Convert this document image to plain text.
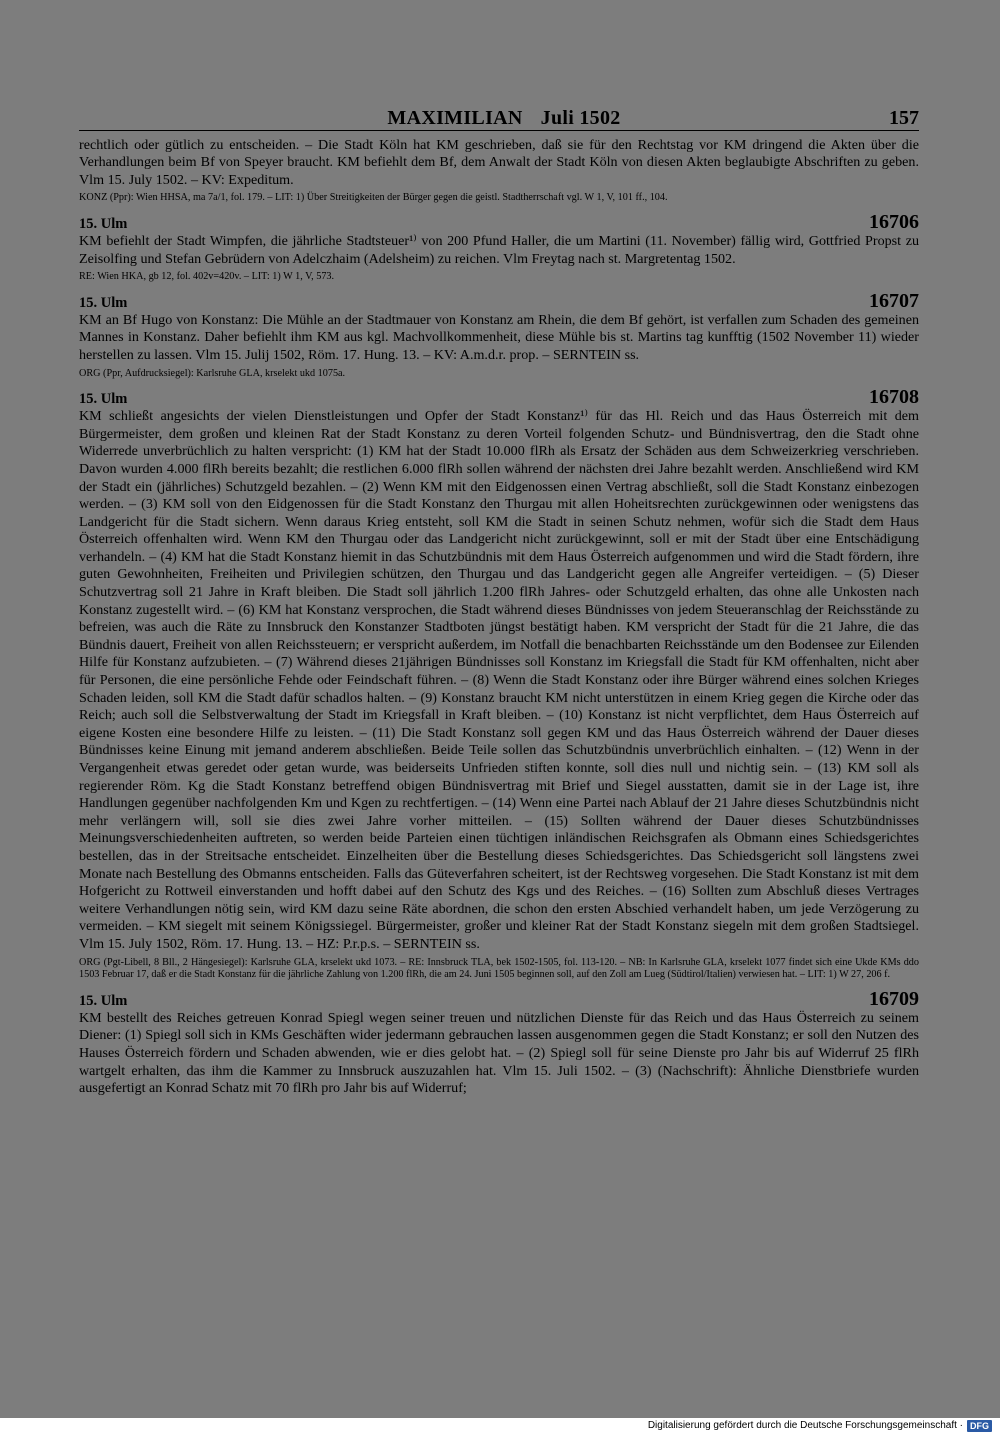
MAXIMILIAN Juli 1502	157

rechtlich oder gütlich zu entscheiden. – Die Stadt Köln hat KM geschrieben, daß sie für den Rechtstag vor KM dringend die Akten über die Verhandlungen beim Bf von Speyer braucht. KM befiehlt dem Bf, dem Anwalt der Stadt Köln von diesen Akten beglaubigte Abschriften zu geben. Vlm 15. July 1502. – KV: Expeditum.

KONZ (Ppr): Wien HHSA, ma 7a/1, fol. 179. – LIT: 1) Über Streitigkeiten der Bürger gegen die geistl. Stadtherrschaft vgl. W 1, V, 101 ff., 104.

15. Ulm	16706

KM befiehlt der Stadt Wimpfen, die jährliche Stadtsteuer¹⁾ von 200 Pfund Haller, die um Martini (11. November) fällig wird, Gottfried Propst zu Zeisolfing und Stefan Gebrüdern von Adelczhaim (Adelsheim) zu reichen. Vlm Freytag nach st. Margretentag 1502.

RE: Wien HKA, gb 12, fol. 402v=420v. – LIT: 1) W 1, V, 573.

15. Ulm	16707

KM an Bf Hugo von Konstanz: Die Mühle an der Stadtmauer von Konstanz am Rhein, die dem Bf gehört, ist verfallen zum Schaden des gemeinen Mannes in Konstanz. Daher befiehlt ihm KM aus kgl. Machvollkommenheit, diese Mühle bis st. Martins tag kunfftig (1502 November 11) wieder herstellen zu lassen. Vlm 15. Julij 1502, Röm. 17. Hung. 13. – KV: A.m.d.r. prop. – SERNTEIN ss.

ORG (Ppr, Aufdrucksiegel): Karlsruhe GLA, krselekt ukd 1075a.

15. Ulm	16708

KM schließt angesichts der vielen Dienstleistungen und Opfer der Stadt Konstanz¹⁾ für das Hl. Reich und das Haus Österreich mit dem Bürgermeister, dem großen und kleinen Rat der Stadt Konstanz zu deren Vorteil folgenden Schutz- und Bündnisvertrag, den die Stadt ohne Widerrede unverbrüchlich zu halten verspricht: (1) KM hat der Stadt 10.000 flRh als Ersatz der Schäden aus dem Schweizerkrieg verschrieben. Davon wurden 4.000 flRh bereits bezahlt; die restlichen 6.000 flRh sollen während der nächsten drei Jahre bezahlt werden. Anschließend wird KM der Stadt ein (jährliches) Schutzgeld bezahlen. – (2) Wenn KM mit den Eidgenossen einen Vertrag abschließt, soll die Stadt Konstanz einbezogen werden. – (3) KM soll von den Eidgenossen für die Stadt Konstanz den Thurgau mit allen Hoheitsrechten zurückgewinnen oder wenigstens das Landgericht für die Stadt sichern. Wenn daraus Krieg entsteht, soll KM die Stadt in seinen Schutz nehmen, wofür sich die Stadt dem Haus Österreich offenhalten wird. Wenn KM den Thurgau oder das Landgericht nicht zurückgewinnt, soll er mit der Stadt über eine Entschädigung verhandeln. – (4) KM hat die Stadt Konstanz hiemit in das Schutzbündnis mit dem Haus Österreich aufgenommen und wird die Stadt fördern, ihre guten Gewohnheiten, Freiheiten und Privilegien schützen, den Thurgau und das Landgericht gegen alle Angreifer verteidigen. – (5) Dieser Schutzvertrag soll 21 Jahre in Kraft bleiben. Die Stadt soll jährlich 1.200 flRh Jahres- oder Schutzgeld erhalten, das ohne alle Unkosten nach Konstanz zugestellt wird. – (6) KM hat Konstanz versprochen, die Stadt während dieses Bündnisses von jedem Steueranschlag der Reichsstände zu befreien, was auch die Räte zu Innsbruck den Konstanzer Stadtboten jüngst bestätigt haben. KM verspricht der Stadt für die 21 Jahre, die das Bündnis dauert, Freiheit von allen Reichssteuern; er verspricht außerdem, im Notfall die benachbarten Reichsstände um den Bodensee zur Eilenden Hilfe für Konstanz aufzubieten. – (7) Während dieses 21jährigen Bündnisses soll Konstanz im Kriegsfall die Stadt für KM offenhalten, nicht aber für Personen, die eine persönliche Fehde oder Feindschaft führen. – (8) Wenn die Stadt Konstanz oder ihre Bürger während eines solchen Krieges Schaden leiden, soll KM die Stadt dafür schadlos halten. – (9) Konstanz braucht KM nicht unterstützen in einem Krieg gegen die Kirche oder das Reich; auch soll die Selbstverwaltung der Stadt im Kriegsfall in Kraft bleiben. – (10) Konstanz ist nicht verpflichtet, dem Haus Österreich auf eigene Kosten eine besondere Hilfe zu leisten. – (11) Die Stadt Konstanz soll gegen KM und das Haus Österreich während der Dauer dieses Bündnisses keine Einung mit jemand anderem abschließen. Beide Teile sollen das Schutzbündnis unverbrüchlich einhalten. – (12) Wenn in der Vergangenheit etwas geredet oder getan wurde, was beiderseits Unfrieden stiften konnte, soll dies null und nichtig sein. – (13) KM soll als regierender Röm. Kg die Stadt Konstanz betreffend obigen Bündnisvertrag mit Brief und Siegel ausstatten, damit sie in der Lage ist, ihre Handlungen gegenüber nachfolgenden Km und Kgen zu rechtfertigen. – (14) Wenn eine Partei nach Ablauf der 21 Jahre dieses Schutzbündnis nicht mehr verlängern will, soll sie dies zwei Jahre vorher mitteilen. – (15) Sollten während der Dauer dieses Schutzbündnisses Meinungsverschiedenheiten auftreten, so werden beide Parteien einen tüchtigen inländischen Reichsgrafen als Obmann eines Schiedsgerichtes bestellen, das in der Streitsache entscheidet. Einzelheiten über die Bestellung dieses Schiedsgerichtes. Das Schiedsgericht soll längstens zwei Monate nach Bestellung des Obmanns entscheiden. Falls das Güteverfahren scheitert, ist der Rechtsweg vorgesehen. Die Stadt Konstanz ist mit dem Hofgericht zu Rottweil einverstanden und hofft dabei auf den Schutz des Kgs und des Reiches. – (16) Sollten zum Abschluß dieses Vertrages weitere Verhandlungen nötig sein, wird KM dazu seine Räte abordnen, die schon den ersten Abschied verhandelt haben, um jede Verzögerung zu vermeiden. – KM siegelt mit seinem Königssiegel. Bürgermeister, großer und kleiner Rat der Stadt Konstanz siegeln mit dem großen Stadtsiegel. Vlm 15. July 1502, Röm. 17. Hung. 13. – HZ: P.r.p.s. – SERNTEIN ss.

ORG (Pgt-Libell, 8 Bll., 2 Hängesiegel): Karlsruhe GLA, krselekt ukd 1073. – RE: Innsbruck TLA, bek 1502-1505, fol. 113-120. – NB: In Karlsruhe GLA, krselekt 1077 findet sich eine Ukde KMs ddo 1503 Februar 17, daß er die Stadt Konstanz für die jährliche Zahlung von 1.200 flRh, die am 24. Juni 1505 beginnen soll, auf den Zoll am Lueg (Südtirol/Italien) verwiesen hat. – LIT: 1) W 27, 206 f.

15. Ulm	16709

KM bestellt des Reiches getreuen Konrad Spiegl wegen seiner treuen und nützlichen Dienste für das Reich und das Haus Österreich zu seinem Diener: (1) Spiegl soll sich in KMs Geschäften wider jedermann gebrauchen lassen ausgenommen gegen die Stadt Konstanz; er soll den Nutzen des Hauses Österreich fördern und Schaden abwenden, wie er dies gelobt hat. – (2) Spiegl soll für seine Dienste pro Jahr bis auf Widerruf 25 flRh wartgelt erhalten, das ihm die Kammer zu Innsbruck auszuzahlen hat. Vlm 15. Juli 1502. – (3) (Nachschrift): Ähnliche Dienstbriefe wurden ausgefertigt an Konrad Schatz mit 70 flRh pro Jahr bis auf Widerruf;

Digitalisierung gefördert durch die Deutsche Forschungsgemeinschaft · DFG
